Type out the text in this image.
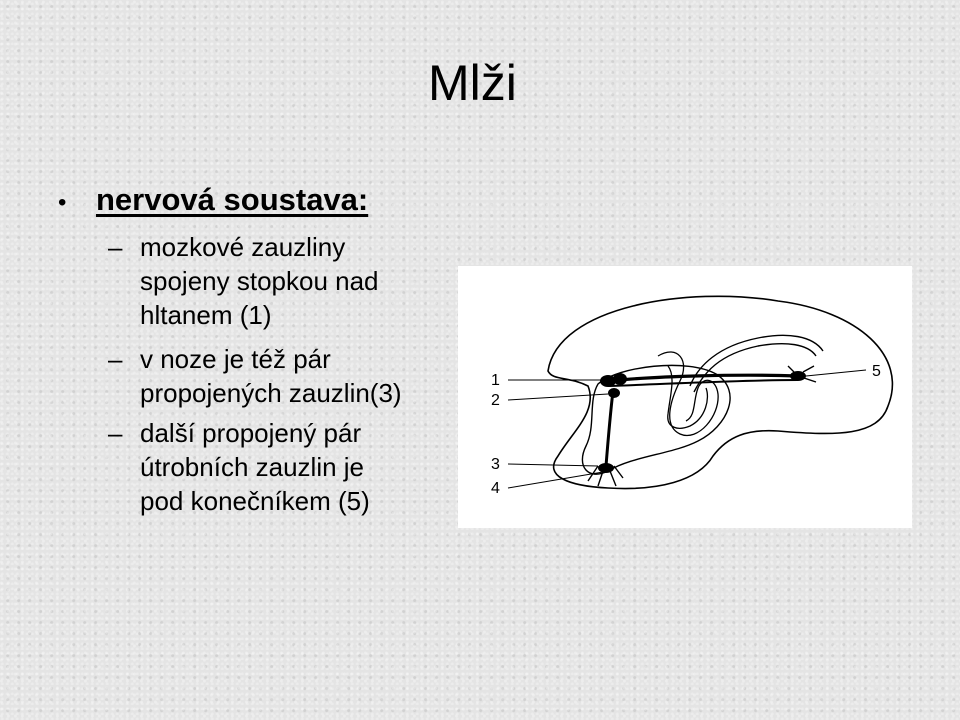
Mlži
• nervová soustava:
– mozkové zauzliny
spojeny stopkou nad
hltanem (1)
– v noze je též pár
propojených zauzlin(3)
– další propojený pár
útrobních zauzlin je
pod konečníkem (5)
1
2
3
4
5
